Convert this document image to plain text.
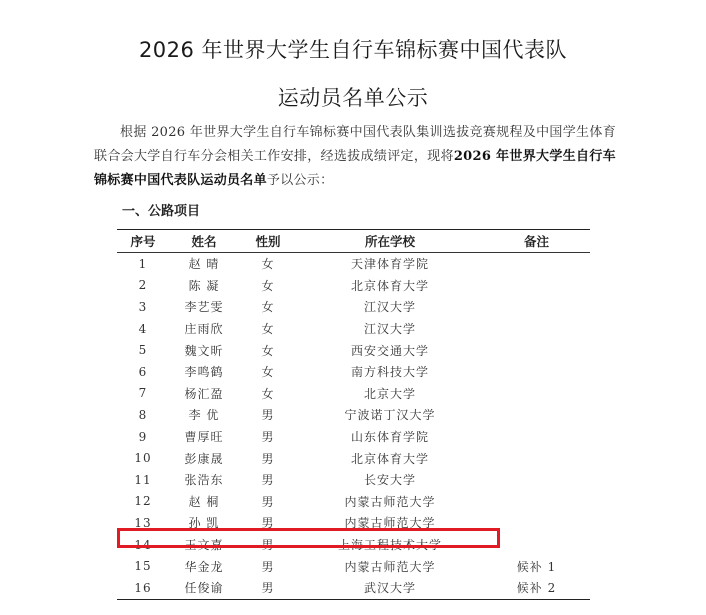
2026 年世界大学生自行车锦标赛中国代表队
运动员名单公示
根据 2026 年世界大学生自行车锦标赛中国代表队集训选拔竞赛规程及中国学生体育联合会大学自行车分会相关工作安排，经选拔成绩评定，现将2026 年世界大学生自行车锦标赛中国代表队运动员名单予以公示：
一、公路项目
序号	姓名	性别	所在学校	备注
1	赵 晴	女	天津体育学院	
2	陈 凝	女	北京体育大学	
3	李艺雯	女	江汉大学	
4	庄雨欣	女	江汉大学	
5	魏文昕	女	西安交通大学	
6	李鸣鹤	女	南方科技大学	
7	杨汇盈	女	北京大学	
8	李 优	男	宁波诺丁汉大学	
9	曹厚旺	男	山东体育学院	
10	彭康晟	男	北京体育大学	
11	张浩东	男	长安大学	
12	赵 桐	男	内蒙古师范大学	
13	孙 凯	男	内蒙古师范大学	
14	王文嘉	男	上海工程技术大学	
15	华金龙	男	内蒙古师范大学	候补 1
16	任俊谕	男	武汉大学	候补 2
